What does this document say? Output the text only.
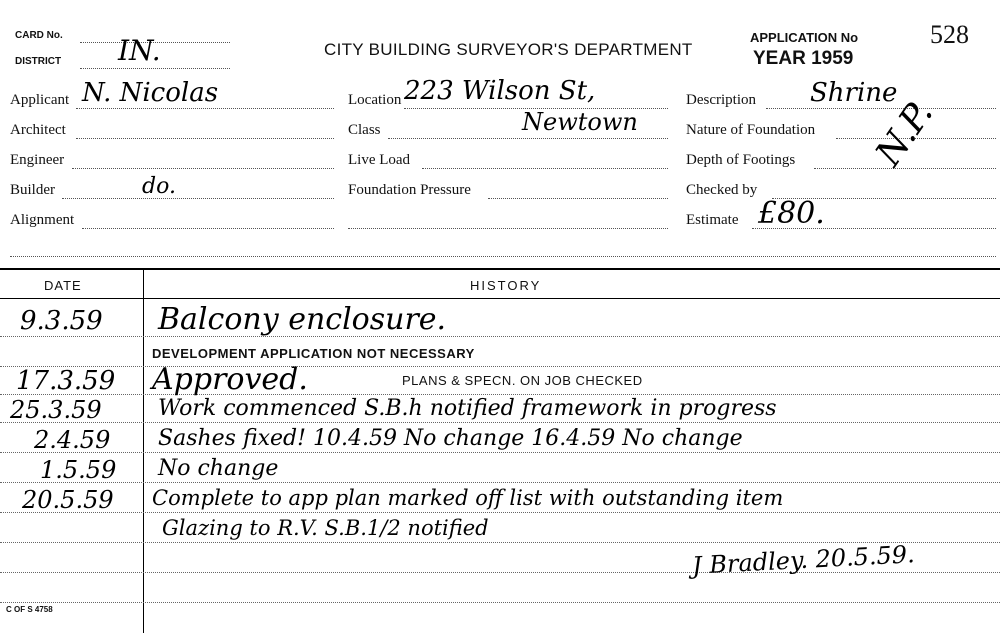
CARD No.
DISTRICT IN.	CITY BUILDING SURVEYOR'S DEPARTMENT
APPLICATION No
YEAR 1959
528
Applicant N. Nicolas
Architect
Engineer
Builder	do.
Alignment
Location 223 Wilson St,
Class	Newtown
Live Load
Foundation Pressure
Description Shrine
Nature of Foundation
Depth of Footings
Checked by
Estimate £80.
N.P.
DATE	HISTORY
9.3.59 Balcony enclosure.
DEVELOPMENT APPLICATION NOT NECESSARY
17.3.59 Approved.	PLANS & SPECN. ON JOB CHECKED
25.3.59	Work commenced S.B.h notified framework in progress
2.4.59 Sashes fixed! 10.4.59 No change 16.4.59 No change
1.5.59 No change
20.5.59 Complete to app plan marked off list with outstanding item
Glazing to R.V. S.B.1/2 notified
J Bradley. 20.5.59.
C OF S 4758
